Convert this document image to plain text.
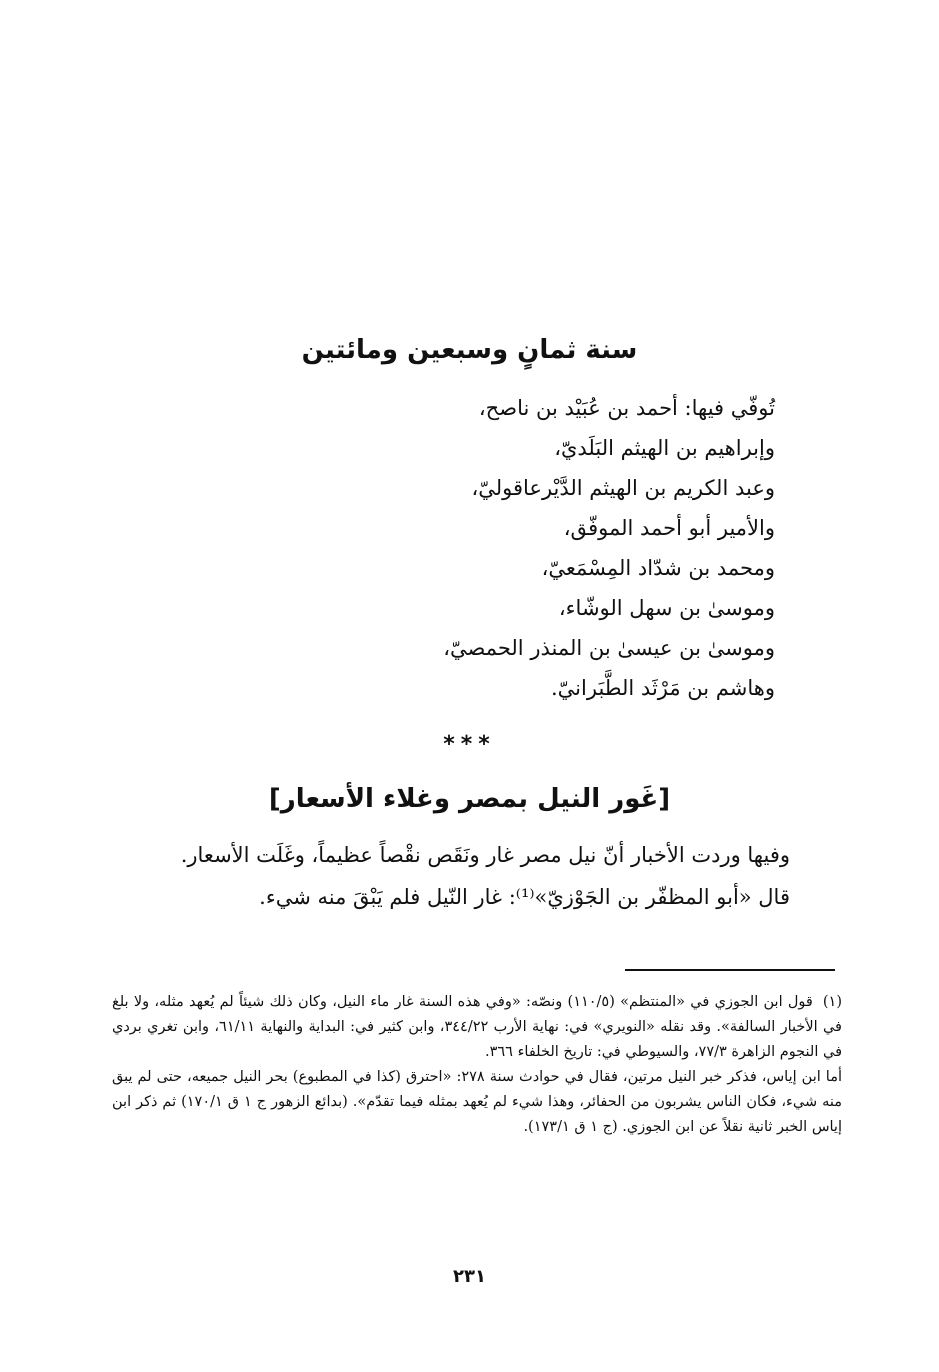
سنة ثمانٍ وسبعين ومائتين
تُوفّي فيها: أحمد بن عُبَيْد بن ناصح،
وإبراهيم بن الهيثم البَلَديّ،
وعبد الكريم بن الهيثم الدَّيْرعاقوليّ،
والأمير أبو أحمد الموفّق،
ومحمد بن شدّاد المِسْمَعيّ،
وموسىٰ بن سهل الوشّاء،
وموسىٰ بن عيسىٰ بن المنذر الحمصيّ،
وهاشم بن مَرْثَد الطَّبَرانيّ.
***
[غَور النيل بمصر وغلاء الأسعار]
وفيها وردت الأخبار أنّ نيل مصر غار ونَقَص نقْصاً عظيماً، وغَلَت الأسعار.
قال «أبو المظفّر بن الجَوْزيّ»⁽¹⁾: غار النّيل فلم يَبْقَ منه شيء.

(١)قول ابن الجوزي في «المنتظم» (١١٠/٥) ونصّه: «وفي هذه السنة غار ماء النيل، وكان ذلك شيئاً لم يُعهد مثله، ولا بلغ في الأخبار السالفة». وقد نقله «النويري» في: نهاية الأرب ٣٤٤/٢٢، وابن كثير في: البداية والنهاية ٦١/١١، وابن تغري بردي في النجوم الزاهرة ٧٧/٣، والسيوطي في: تاريخ الخلفاء ٣٦٦.

أما ابن إياس، فذكر خبر النيل مرتين، فقال في حوادث سنة ٢٧٨: «احترق (كذا في المطبوع) بحر النيل جميعه، حتى لم يبق منه شيء، فكان الناس يشربون من الحفائر، وهذا شيء لم يُعهد بمثله فيما تقدّم». (بدائع الزهور ج ١ ق ١٧٠/١) ثم ذكر ابن إياس الخبر ثانية نقلاً عن ابن الجوزي. (ج ١ ق ١٧٣/١).

٢٣١
